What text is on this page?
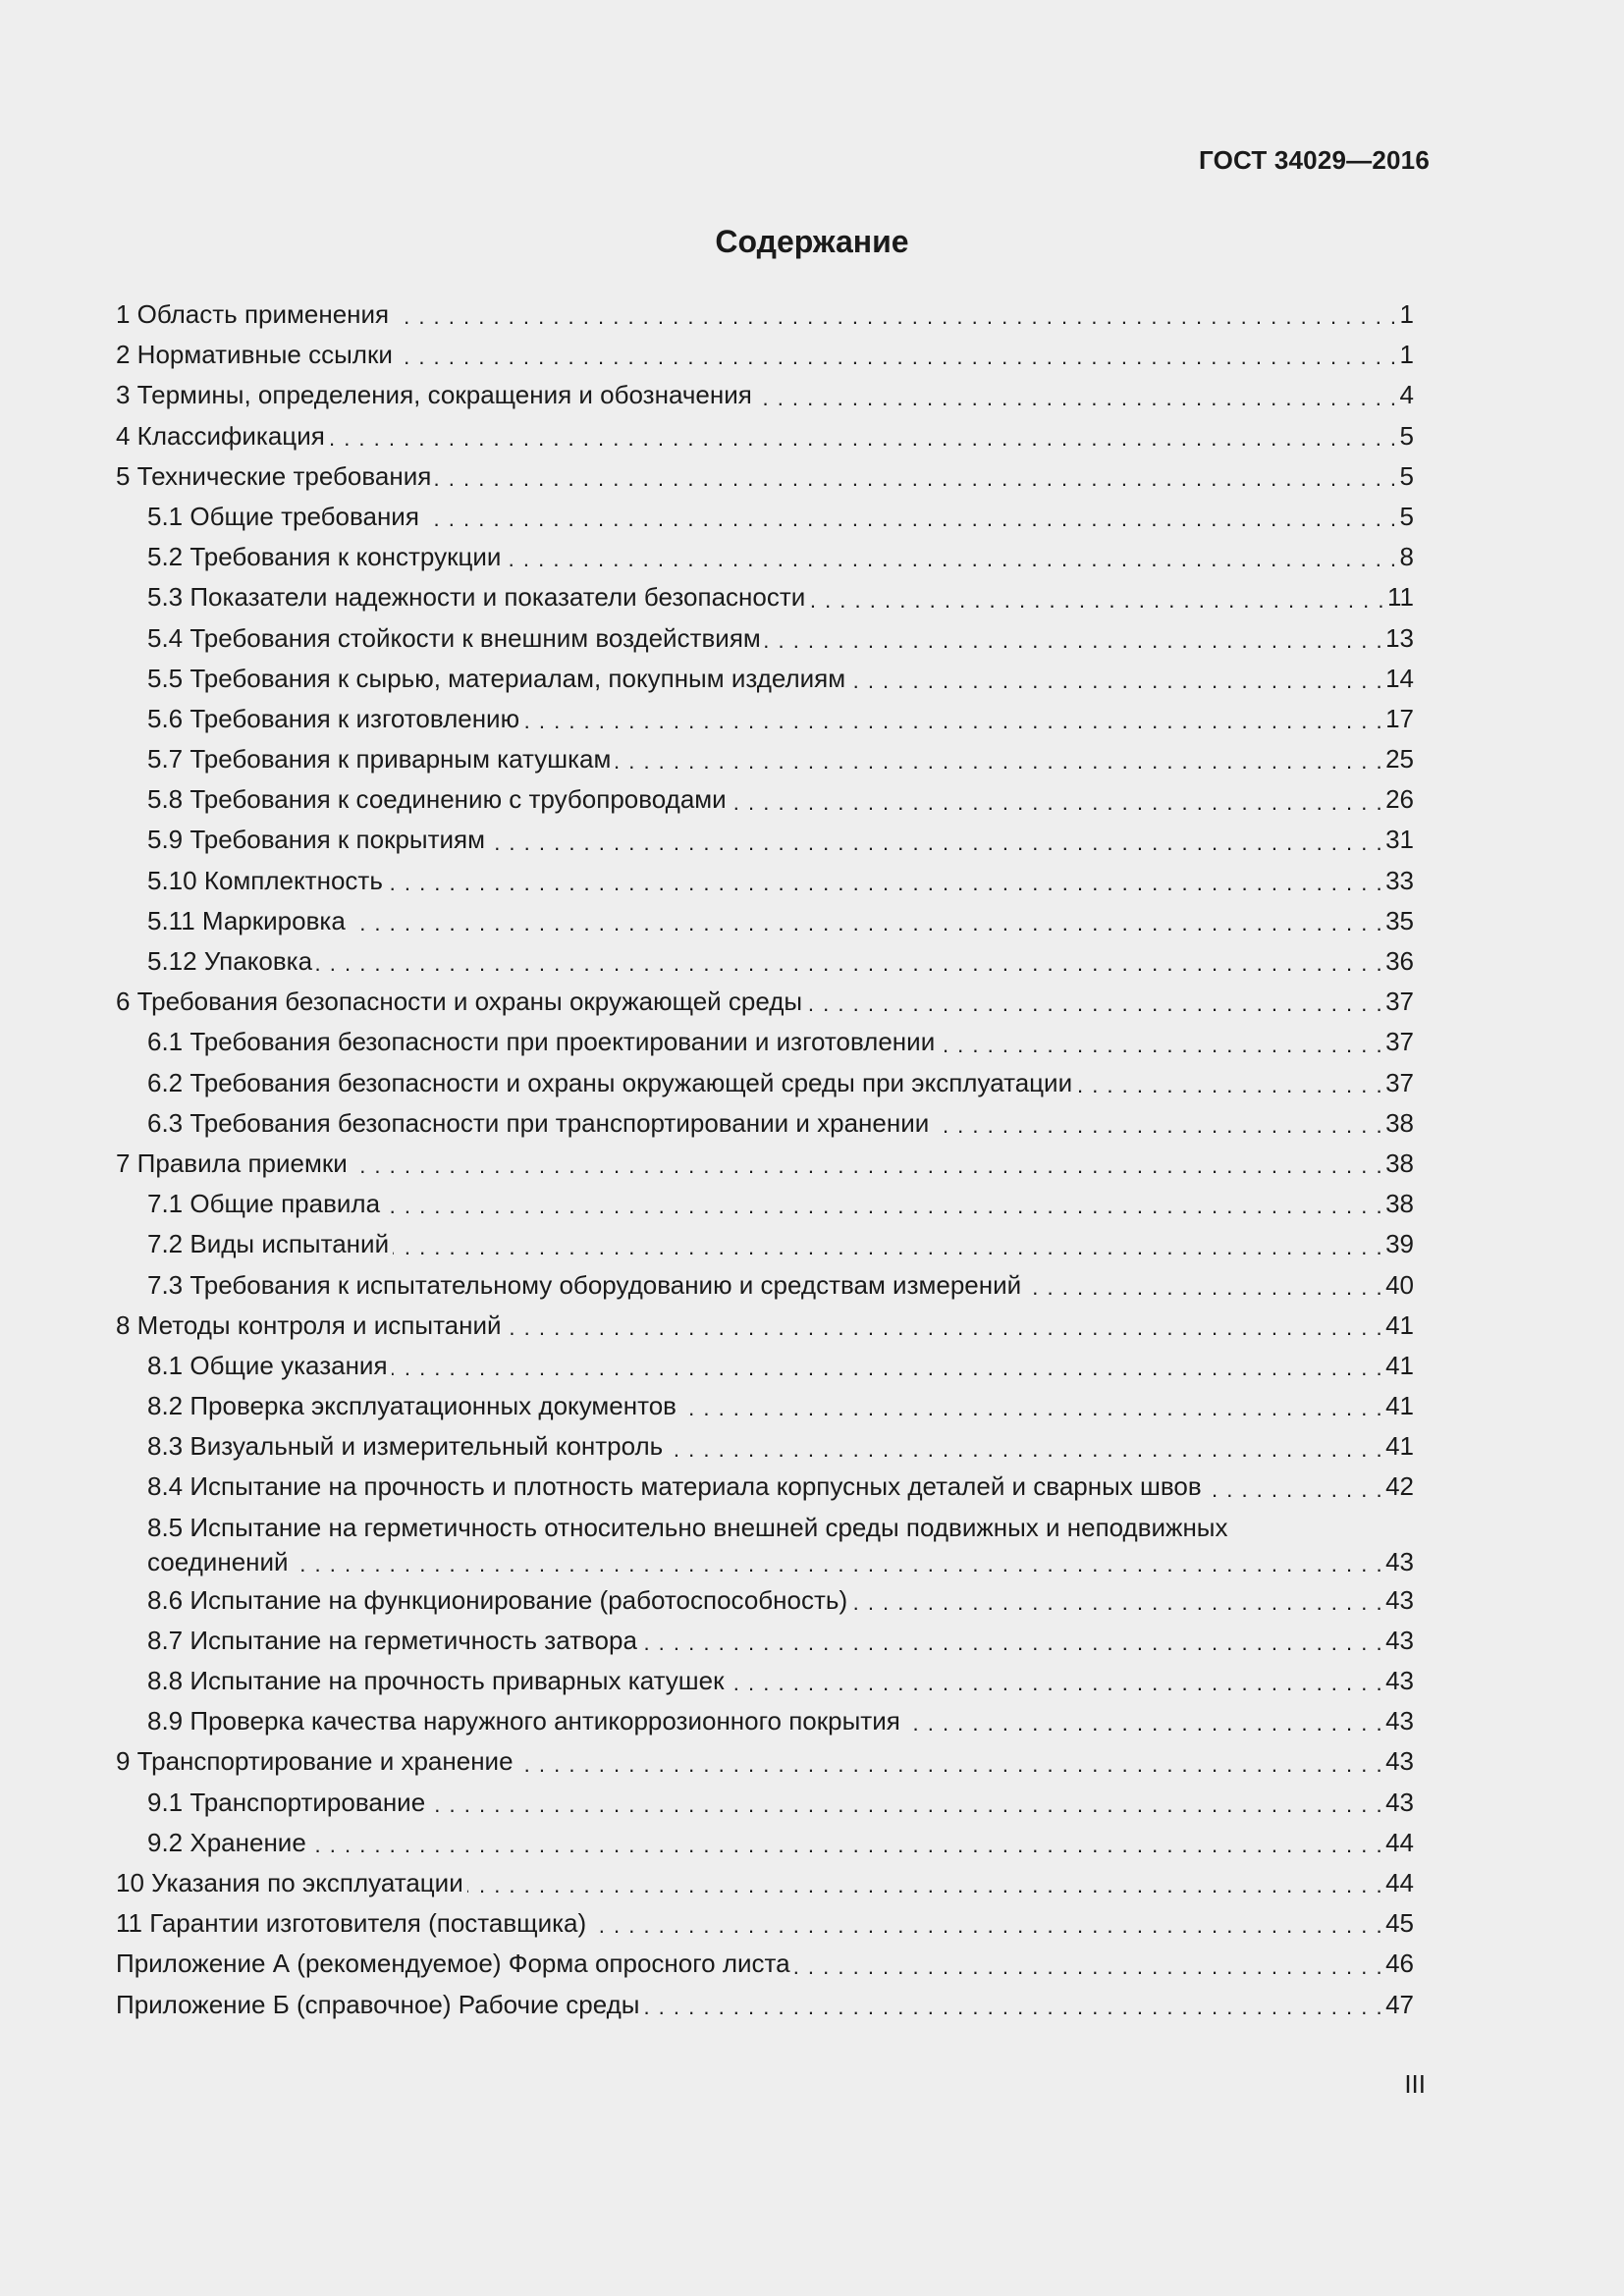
ГОСТ 34029—2016
Содержание
1 Область применения . . .	1
2 Нормативные ссылки . . .	1
3 Термины, определения, сокращения и обозначения . . .	4
4 Классификация . . .	5
5 Технические требования . . .	5
5.1 Общие требования . . .	5
5.2 Требования к конструкции . . .	8
5.3 Показатели надежности и показатели безопасности . . .	11
5.4 Требования стойкости к внешним воздействиям . . .	13
5.5 Требования к сырью, материалам, покупным изделиям . . .	14
5.6 Требования к изготовлению . . .	17
5.7 Требования к приварным катушкам . . .	25
5.8 Требования к соединению с трубопроводами . . .	26
5.9 Требования к покрытиям . . .	31
5.10 Комплектность . . .	33
5.11 Маркировка . . .	35
5.12 Упаковка . . .	36
6 Требования безопасности и охраны окружающей среды . . .	37
6.1 Требования безопасности при проектировании и изготовлении . . .	37
6.2 Требования безопасности и охраны окружающей среды при эксплуатации . . .	37
6.3 Требования безопасности при транспортировании и хранении . . .	38
7 Правила приемки . . .	38
7.1 Общие правила . . .	38
7.2 Виды испытаний . . .	39
7.3 Требования к испытательному оборудованию и средствам измерений . . .	40
8 Методы контроля и испытаний . . .	41
8.1 Общие указания . . .	41
8.2 Проверка эксплуатационных документов . . .	41
8.3 Визуальный и измерительный контроль . . .	41
8.4 Испытание на прочность и плотность материала корпусных деталей и сварных швов . . .	42
8.5 Испытание на герметичность относительно внешней среды подвижных и неподвижных
соединений . . .	43
8.6 Испытание на функционирование (работоспособность) . . .	43
8.7 Испытание на герметичность затвора . . .	43
8.8 Испытание на прочность приварных катушек . . .	43
8.9 Проверка качества наружного антикоррозионного покрытия . . .	43
9 Транспортирование и хранение . . .	43
9.1 Транспортирование . . .	43
9.2 Хранение . . .	44
10 Указания по эксплуатации . . .	44
11 Гарантии изготовителя (поставщика) . . .	45
Приложение А (рекомендуемое) Форма опросного листа . . .	46
Приложение Б (справочное) Рабочие среды . . .	47
III
